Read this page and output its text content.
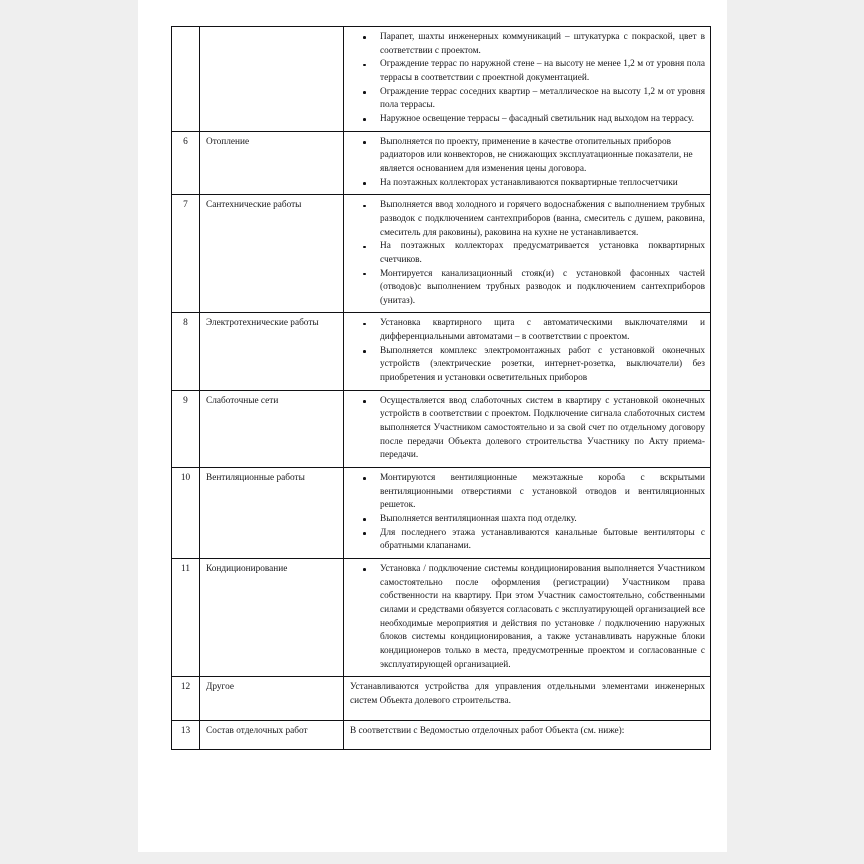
Парапет, шахты инженерных коммуникаций – штукатурка с покраской, цвет в соответствии с проектом.
Ограждение террас по наружной стене – на высоту не менее 1,2 м от уровня пола террасы в соответствии с проектной документацией.
Ограждение террас соседних квартир – металлическое на высоту 1,2 м от уровня пола террасы.
Наружное освещение террасы – фасадный светильник над выходом на террасу.

6	Отопление	Выполняется по проекту, применение в качестве отопительных приборов радиаторов или конвекторов, не снижающих эксплуатационные показатели, не является основанием для изменения цены договора.
На поэтажных коллекторах устанавливаются поквартирные теплосчетчики

7	Сантехнические работы	Выполняется ввод холодного и горячего водоснабжения с выполнением трубных разводок с подключением сантехприборов (ванна, смеситель с душем, раковина, смеситель для раковины), раковина на кухне не устанавливается.
На поэтажных коллекторах предусматривается установка поквартирных счетчиков.
Монтируется канализационный стояк(и) с установкой фасонных частей (отводов)с выполнением трубных разводок и подключением сантехприборов (унитаз).

8	Электротехнические работы	Установка квартирного щита с автоматическими выключателями и дифференциальными автоматами – в соответствии с проектом.
Выполняется комплекс электромонтажных работ с установкой оконечных устройств (электрические розетки, интернет-розетка, выключатели) без приобретения и установки осветительных приборов

9	Слаботочные сети	Осуществляется ввод слаботочных систем в квартиру с установкой оконечных устройств в соответствии с проектом. Подключение сигнала слаботочных систем выполняется Участником самостоятельно и за свой счет по отдельному договору после передачи Объекта долевого строительства Участнику по Акту приема-передачи.

10	Вентиляционные работы	Монтируются вентиляционные межэтажные короба с вскрытыми вентиляционными отверстиями с установкой отводов и вентиляционных решеток.
Выполняется вентиляционная шахта под отделку.
Для последнего этажа устанавливаются канальные бытовые вентиляторы с обратными клапанами.

11	Кондиционирование	Установка / подключение системы кондиционирования выполняется Участником самостоятельно после оформления (регистрации) Участником права собственности на квартиру. При этом Участник самостоятельно, собственными силами и средствами обязуется согласовать с эксплуатирующей организацией все необходимые мероприятия и действия по установке / подключению наружных блоков системы кондиционирования, а также устанавливать наружные блоки кондиционеров только в места, предусмотренные проектом и согласованные с эксплуатирующей организацией.

12	Другое	Устанавливаются устройства для управления отдельными элементами инженерных систем Объекта долевого строительства.

13	Состав отделочных работ	В соответствии с Ведомостью отделочных работ Объекта (см. ниже):
